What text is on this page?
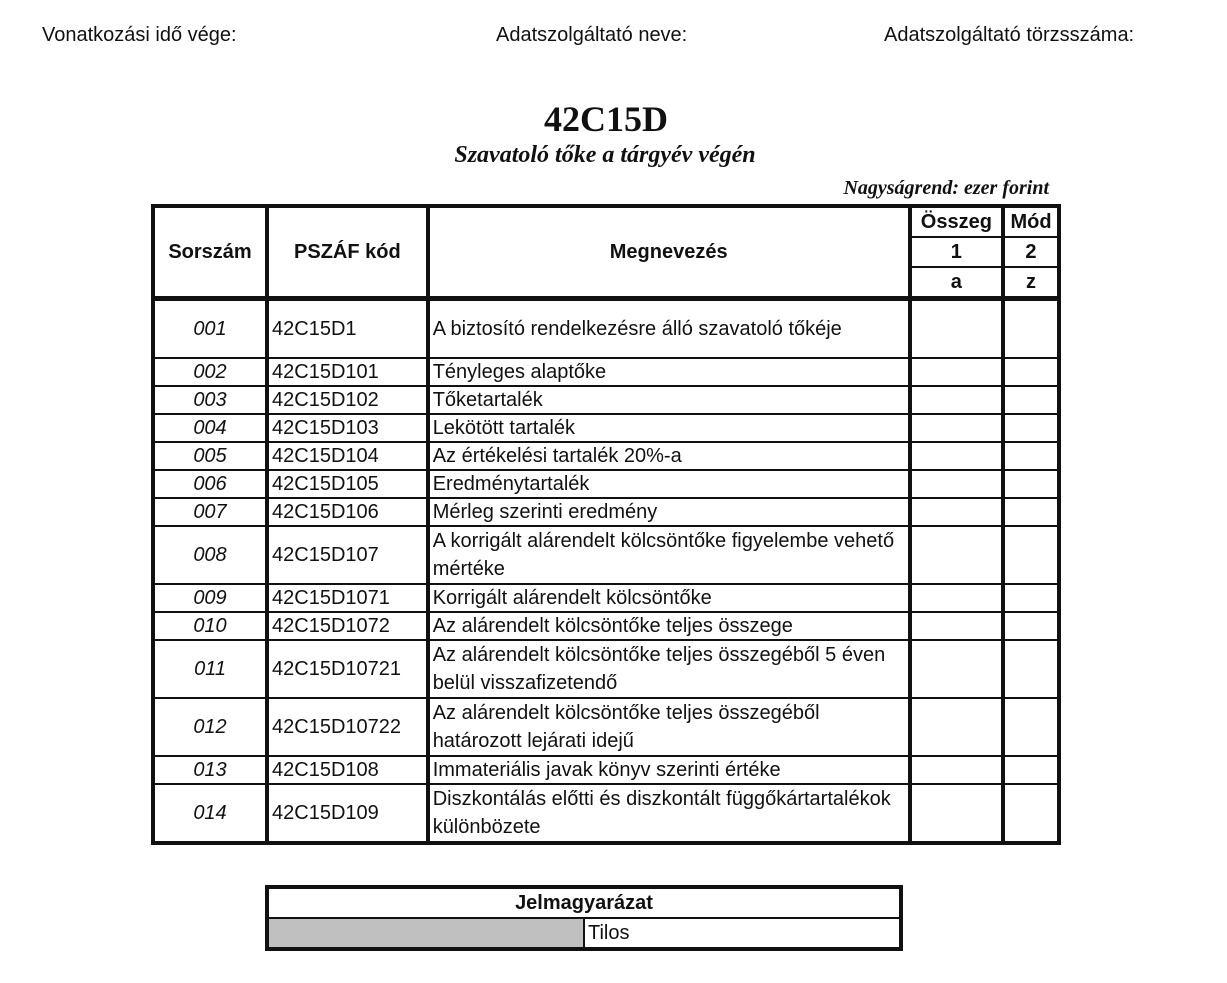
Vonatkozási idő vége:	Adatszolgáltató neve:	Adatszolgáltató törzsszáma:
42C15D
Szavatoló tőke a tárgyév végén
Nagyságrend: ezer forint
Sorszám	PSZÁF kód	Megnevezés	Összeg	Mód
			1	2
			a	z
001	42C15D1	A biztosító rendelkezésre álló szavatoló tőkéje		
002	42C15D101	Tényleges alaptőke		
003	42C15D102	Tőketartalék		
004	42C15D103	Lekötött tartalék		
005	42C15D104	Az értékelési tartalék 20%-a		
006	42C15D105	Eredménytartalék		
007	42C15D106	Mérleg szerinti eredmény		
008	42C15D107	A korrigált alárendelt kölcsöntőke figyelembe vehető mértéke		
009	42C15D1071	Korrigált alárendelt kölcsöntőke		
010	42C15D1072	Az alárendelt kölcsöntőke teljes összege		
011	42C15D10721	Az alárendelt kölcsöntőke teljes összegéből 5 éven belül visszafizetendő		
012	42C15D10722	Az alárendelt kölcsöntőke teljes összegéből határozott lejárati idejű		
013	42C15D108	Immateriális javak könyv szerinti értéke		
014	42C15D109	Diszkontálás előtti és diszkontált függőkártartalékok különbözete		
Jelmagyarázat
	Tilos
